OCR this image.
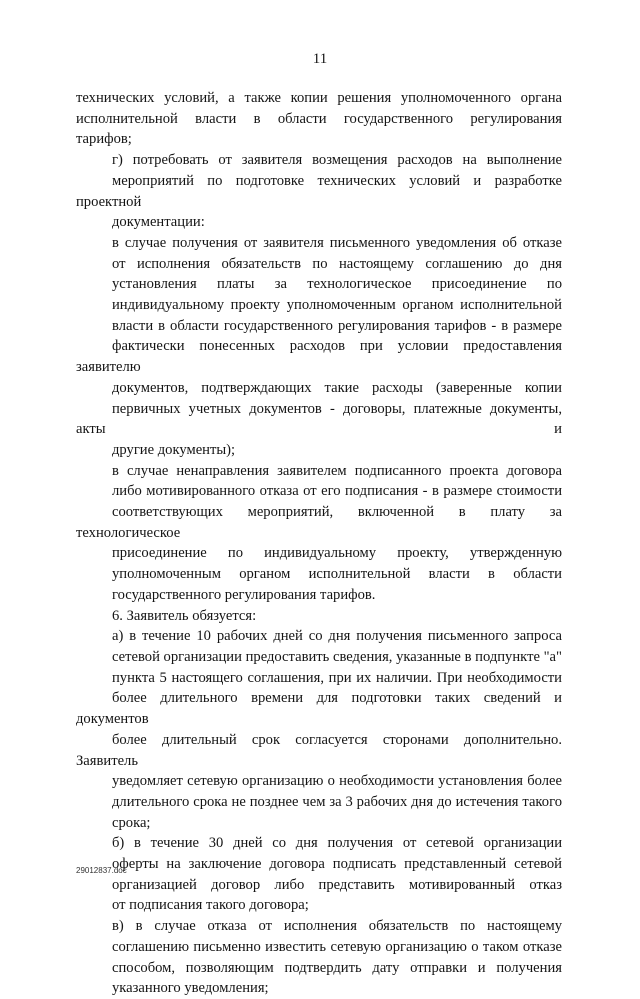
11

технических условий, а также копии решения уполномоченного органа
исполнительной власти в области государственного регулирования
тарифов;

г) потребовать от заявителя возмещения расходов на выполнение
мероприятий по подготовке технических условий и разработке проектной
документации:

в случае получения от заявителя письменного уведомления об отказе
от исполнения обязательств по настоящему соглашению до дня
установления платы за технологическое присоединение по
индивидуальному проекту уполномоченным органом исполнительной
власти в области государственного регулирования тарифов - в размере
фактически понесенных расходов при условии предоставления заявителю
документов, подтверждающих такие расходы (заверенные копии
первичных учетных документов - договоры, платежные документы, акты и
другие документы);

в случае ненаправления заявителем подписанного проекта договора
либо мотивированного отказа от его подписания - в размере стоимости
соответствующих мероприятий, включенной в плату за технологическое
присоединение по индивидуальному проекту, утвержденную
уполномоченным органом исполнительной власти в области
государственного регулирования тарифов.

6. Заявитель обязуется:

а) в течение 10 рабочих дней со дня получения письменного запроса
сетевой организации предоставить сведения, указанные в подпункте "а"
пункта 5 настоящего соглашения, при их наличии. При необходимости
более длительного времени для подготовки таких сведений и документов
более длительный срок согласуется сторонами дополнительно. Заявитель
уведомляет сетевую организацию о необходимости установления более
длительного срока не позднее чем за 3 рабочих дня до истечения такого
срока;

б) в течение 30 дней со дня получения от сетевой организации
оферты на заключение договора подписать представленный сетевой
организацией договор либо представить мотивированный отказ
от подписания такого договора;

в) в случае отказа от исполнения обязательств по настоящему
соглашению письменно известить сетевую организацию о таком отказе
способом, позволяющим подтвердить дату отправки и получения
указанного уведомления;

29012837.doc
